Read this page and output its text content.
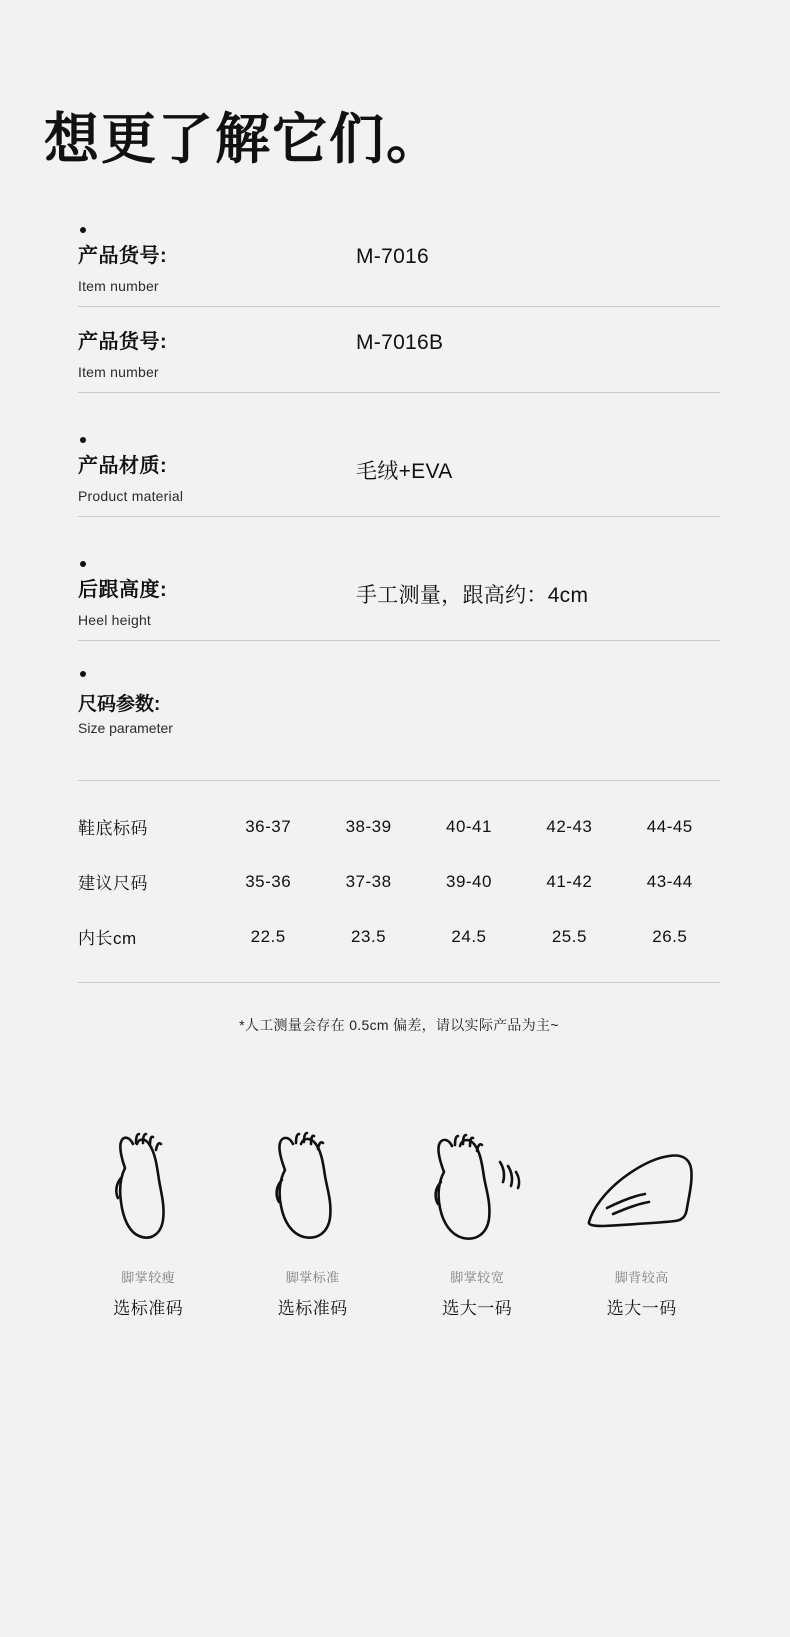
想更了解它们。
产品货号:
Item number
M-7016
产品货号:
Item number
M-7016B
产品材质:
Product material
毛绒+EVA
后跟高度:
Heel height
手工测量，跟高约：4cm
尺码参数:
Size parameter
鞋底标码	36-37	38-39	40-41	42-43	44-45
建议尺码	35-36	37-38	39-40	41-42	43-44
内长cm	22.5	23.5	24.5	25.5	26.5
*人工测量会存在 0.5cm 偏差，请以实际产品为主~
脚掌较瘦
选标准码
脚掌标准
选标准码
脚掌较宽
选大一码
脚背较高
选大一码
